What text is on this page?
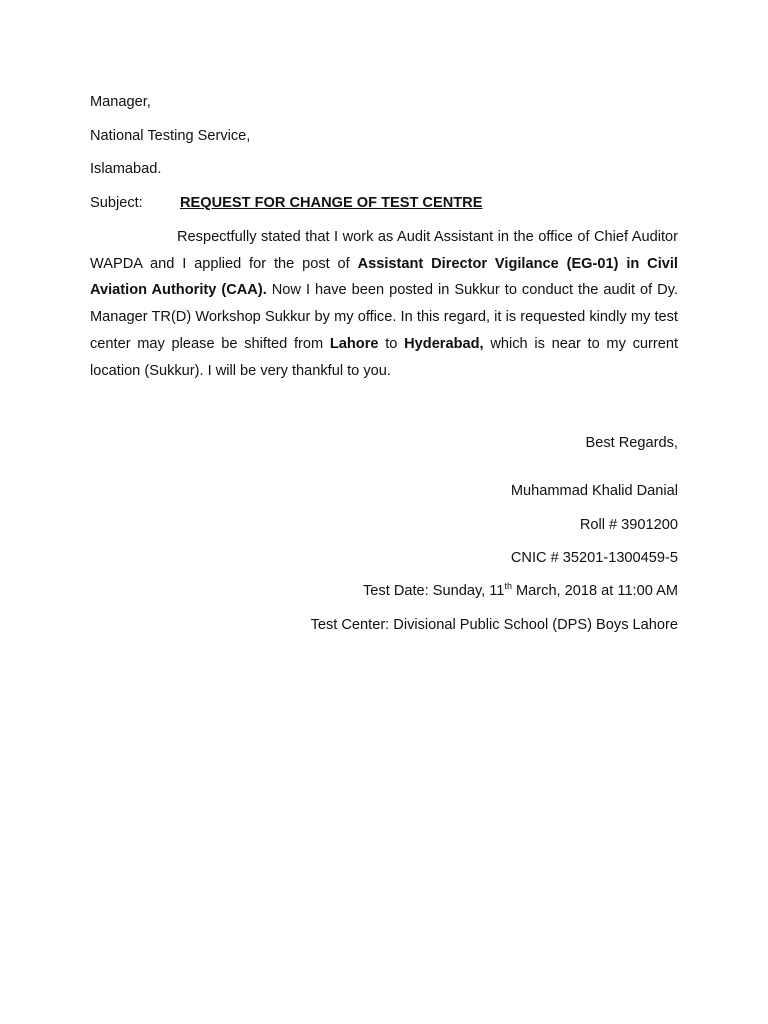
Manager,
National Testing Service,
Islamabad.
Subject:	REQUEST FOR CHANGE OF TEST CENTRE
Respectfully stated that I work as Audit Assistant in the office of Chief Auditor WAPDA and I applied for the post of Assistant Director Vigilance (EG-01) in Civil Aviation Authority (CAA). Now I have been posted in Sukkur to conduct the audit of Dy. Manager TR(D) Workshop Sukkur by my office. In this regard, it is requested kindly my test center may please be shifted from Lahore to Hyderabad, which is near to my current location (Sukkur). I will be very thankful to you.
Best Regards,
Muhammad Khalid Danial
Roll # 3901200
CNIC # 35201-1300459-5
Test Date: Sunday, 11th March, 2018 at 11:00 AM
Test Center: Divisional Public School (DPS) Boys Lahore
